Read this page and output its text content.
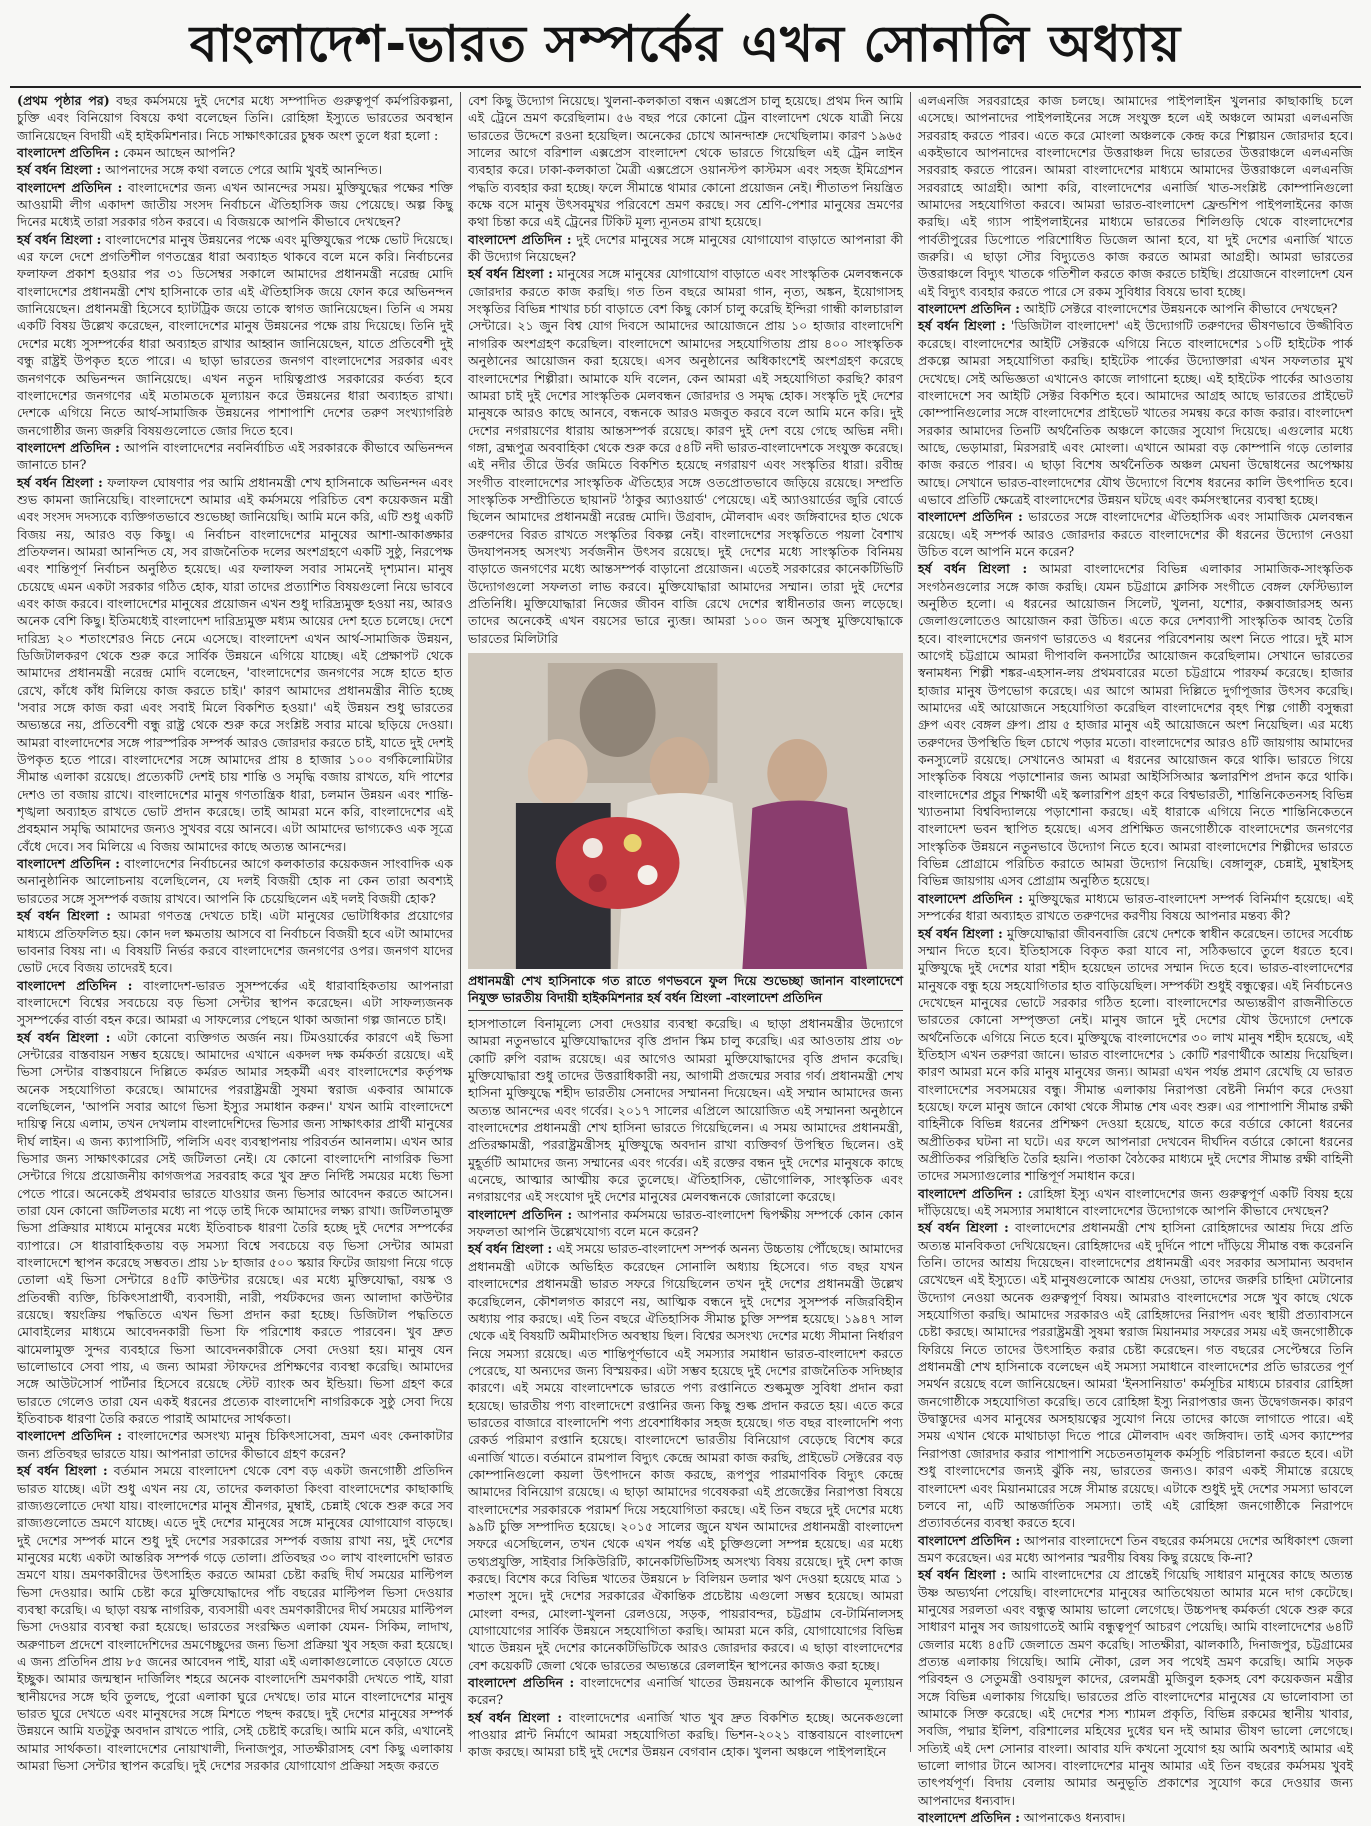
বাংলাদেশ-ভারত সম্পর্কের এখন সোনালি অধ্যায়

(প্রথম পৃষ্ঠার পর) বছর কর্মসময়ে দুই দেশের মধ্যে সম্পাদিত গুরুত্বপূর্ণ কর্মপরিকল্পনা, চুক্তি এবং বিনিয়োগ বিষয়ে কথা বলেছেন তিনি। রোহিঙ্গা ইস্যুতে ভারতের অবস্থান জানিয়েছেন বিদায়ী এই হাইকমিশনার। নিচে সাক্ষাৎকারের চুম্বক অংশ তুলে ধরা হলো :

বাংলাদেশ প্রতিদিন : কেমন আছেন আপনি?

হর্ষ বর্ধন শ্রিংলা : আপনাদের সঙ্গে কথা বলতে পেরে আমি খুবই আনন্দিত।

বাংলাদেশ প্রতিদিন : বাংলাদেশের জন্য এখন আনন্দের সময়। মুক্তিযুদ্ধের পক্ষের শক্তি আওয়ামী লীগ একাদশ জাতীয় সংসদ নির্বাচনে ঐতিহাসিক জয় পেয়েছে। অল্প কিছু দিনের মধ্যেই তারা সরকার গঠন করবে। এ বিজয়কে আপনি কীভাবে দেখছেন?

হর্ষ বর্ধন শ্রিংলা : বাংলাদেশের মানুষ উন্নয়নের পক্ষে এবং মুক্তিযুদ্ধের পক্ষে ভোট দিয়েছে। এর ফলে দেশে প্রগতিশীল গণতন্ত্রের ধারা অব্যাহত থাকবে বলে মনে করি। নির্বাচনের ফলাফল প্রকাশ হওয়ার পর ৩১ ডিসেম্বর সকালে আমাদের প্রধানমন্ত্রী নরেন্দ্র মোদি বাংলাদেশের প্রধানমন্ত্রী শেখ হাসিনাকে তার এই ঐতিহাসিক জয়ে ফোন করে অভিনন্দন জানিয়েছেন। প্রধানমন্ত্রী হিসেবে হ্যাটট্রিক জয়ে তাকে স্বাগত জানিয়েছেন। তিনি এ সময় একটি বিষয় উল্লেখ করেছেন, বাংলাদেশের মানুষ উন্নয়নের পক্ষে রায় দিয়েছে। তিনি দুই দেশের মধ্যে সুসম্পর্কের ধারা অব্যাহত রাখার আহ্বান জানিয়েছেন, যাতে প্রতিবেশী দুই বন্ধু রাষ্ট্রই উপকৃত হতে পারে। এ ছাড়া ভারতের জনগণ বাংলাদেশের সরকার এবং জনগণকে অভিনন্দন জানিয়েছে। এখন নতুন দায়িত্বপ্রাপ্ত সরকারের কর্তব্য হবে বাংলাদেশের জনগণের এই মতামতকে মূল্যায়ন করে উন্নয়নের ধারা অব্যাহত রাখা। দেশকে এগিয়ে নিতে আর্থ-সামাজিক উন্নয়নের পাশাপাশি দেশের তরুণ সংখ্যাগরিষ্ঠ জনগোষ্ঠীর জন্য জরুরি বিষয়গুলোতে জোর দিতে হবে।

বাংলাদেশ প্রতিদিন : আপনি বাংলাদেশের নবনির্বাচিত এই সরকারকে কীভাবে অভিনন্দন জানাতে চান?

হর্ষ বর্ধন শ্রিংলা : ফলাফল ঘোষণার পর আমি প্রধানমন্ত্রী শেখ হাসিনাকে অভিনন্দন এবং শুভ কামনা জানিয়েছি। বাংলাদেশে আমার এই কর্মসময়ে পরিচিত বেশ কয়েকজন মন্ত্রী এবং সংসদ সদস্যকে ব্যক্তিগতভাবে শুভেচ্ছা জানিয়েছি। আমি মনে করি, এটি শুধু একটি বিজয় নয়, আরও বড় কিছু। এ নির্বাচন বাংলাদেশের মানুষের আশা-আকাঙ্ক্ষার প্রতিফলন। আমরা আনন্দিত যে, সব রাজনৈতিক দলের অংশগ্রহণে একটি সুষ্ঠু, নিরপেক্ষ এবং শান্তিপূর্ণ নির্বাচন অনুষ্ঠিত হয়েছে। এর ফলাফল সবার সামনেই দৃশ্যমান। মানুষ চেয়েছে এমন একটা সরকার গঠিত হোক, যারা তাদের প্রত্যাশিত বিষয়গুলো নিয়ে ভাববে এবং কাজ করবে। বাংলাদেশের মানুষের প্রয়োজন এখন শুধু দারিদ্র্যমুক্ত হওয়া নয়, আরও অনেক বেশি কিছু। ইতিমধ্যেই বাংলাদেশ দারিদ্র্যমুক্ত মধ্যম আয়ের দেশ হতে চলেছে। দেশে দারিদ্র্য ২০ শতাংশেরও নিচে নেমে এসেছে। বাংলাদেশ এখন আর্থ-সামাজিক উন্নয়ন, ডিজিটালকরণ থেকে শুরু করে সার্বিক উন্নয়নে এগিয়ে যাচ্ছে। এই প্রেক্ষাপট থেকে আমাদের প্রধানমন্ত্রী নরেন্দ্র মোদি বলেছেন, 'বাংলাদেশের জনগণের সঙ্গে হাতে হাত রেখে, কাঁধে কাঁধ মিলিয়ে কাজ করতে চাই।' কারণ আমাদের প্রধানমন্ত্রীর নীতি হচ্ছে 'সবার সঙ্গে কাজ করা এবং সবাই মিলে বিকশিত হওয়া।' এই উন্নয়ন শুধু ভারতের অভ্যন্তরে নয়, প্রতিবেশী বন্ধু রাষ্ট্র থেকে শুরু করে সংশ্লিষ্ট সবার মাঝে ছড়িয়ে দেওয়া। আমরা বাংলাদেশের সঙ্গে পারস্পরিক সম্পর্ক আরও জোরদার করতে চাই, যাতে দুই দেশই উপকৃত হতে পারে। বাংলাদেশের সঙ্গে আমাদের প্রায় ৪ হাজার ১০০ বর্গকিলোমিটার সীমান্ত এলাকা রয়েছে। প্রত্যেকটি দেশই চায় শান্তি ও সমৃদ্ধি বজায় রাখতে, যদি পাশের দেশও তা বজায় রাখে। বাংলাদেশের মানুষ গণতান্ত্রিক ধারা, চলমান উন্নয়ন এবং শান্তি-শৃঙ্খলা অব্যাহত রাখতে ভোট প্রদান করেছে। তাই আমরা মনে করি, বাংলাদেশের এই প্রবহমান সমৃদ্ধি আমাদের জন্যও সুখবর বয়ে আনবে। এটা আমাদের ভাগ্যকেও এক সূত্রে বেঁধে দেবে। সব মিলিয়ে এ বিজয় আমাদের কাছে অত্যন্ত আনন্দের।

বাংলাদেশ প্রতিদিন : বাংলাদেশের নির্বাচনের আগে কলকাতার কয়েকজন সাংবাদিক এক অনানুষ্ঠানিক আলোচনায় বলেছিলেন, যে দলই বিজয়ী হোক না কেন তারা অবশ্যই ভারতের সঙ্গে সুসম্পর্ক বজায় রাখবে। আপনি কি চেয়েছিলেন এই দলই বিজয়ী হোক?

হর্ষ বর্ধন শ্রিংলা : আমরা গণতন্ত্র দেখতে চাই। এটা মানুষের ভোটাধিকার প্রয়োগের মাধ্যমে প্রতিফলিত হয়। কোন দল ক্ষমতায় আসবে বা নির্বাচনে বিজয়ী হবে এটা আমাদের ভাবনার বিষয় না। এ বিষয়টি নির্ভর করবে বাংলাদেশের জনগণের ওপর। জনগণ যাদের ভোট দেবে বিজয় তাদেরই হবে।

বাংলাদেশ প্রতিদিন : বাংলাদেশ-ভারত সুসম্পর্কের এই ধারাবাহিকতায় আপনারা বাংলাদেশে বিশ্বের সবচেয়ে বড় ভিসা সেন্টার স্থাপন করেছেন। এটা সাফল্যজনক সুসম্পর্কের বার্তা বহন করে। আমরা এ সাফল্যের পেছনে থাকা অজানা গল্প জানতে চাই।

হর্ষ বর্ধন শ্রিংলা : এটা কোনো ব্যক্তিগত অর্জন নয়। টিমওয়ার্কের কারণে এই ভিসা সেন্টারের বাস্তবায়ন সম্ভব হয়েছে। আমাদের এখানে একদল দক্ষ কর্মকর্তা রয়েছে। এই ভিসা সেন্টার বাস্তবায়নে দিল্লিতে কর্মরত আমার সহকর্মী এবং বাংলাদেশের কর্তৃপক্ষ অনেক সহযোগিতা করেছে। আমাদের পররাষ্ট্রমন্ত্রী সুষমা স্বরাজ একবার আমাকে বলেছিলেন, 'আপনি সবার আগে ভিসা ইস্যুর সমাধান করুন।' যখন আমি বাংলাদেশে দায়িত্ব নিয়ে এলাম, তখন দেখলাম বাংলাদেশিদের ভিসার জন্য সাক্ষাৎকার প্রার্থী মানুষের দীর্ঘ লাইন। এ জন্য ক্যাপাসিটি, পলিসি এবং ব্যবস্থাপনায় পরিবর্তন আনলাম। এখন আর ভিসার জন্য সাক্ষাৎকারের সেই জটিলতা নেই। যে কোনো বাংলাদেশি নাগরিক ভিসা সেন্টারে গিয়ে প্রয়োজনীয় কাগজপত্র সরবরাহ করে খুব দ্রুত নির্দিষ্ট সময়ের মধ্যে ভিসা পেতে পারে। অনেকেই প্রথমবার ভারতে যাওয়ার জন্য ভিসার আবেদন করতে আসেন। তারা যেন কোনো জটিলতার মধ্যে না পড়ে তাই দিকে আমাদের লক্ষ্য রাখা। জটিলতামুক্ত ভিসা প্রক্রিয়ার মাধ্যমে মানুষের মধ্যে ইতিবাচক ধারণা তৈরি হচ্ছে দুই দেশের সম্পর্কের ব্যাপারে। সে ধারাবাহিকতায় বড় সমস্যা বিশ্বে সবচেয়ে বড় ভিসা সেন্টার আমরা বাংলাদেশে স্থাপন করেছে সম্ভবত। প্রায় ১৮ হাজার ৫০০ স্কয়ার ফিটের জায়গা নিয়ে গড়ে তোলা এই ভিসা সেন্টারে ৪৫টি কাউন্টার রয়েছে। এর মধ্যে মুক্তিযোদ্ধা, বয়স্ক ও প্রতিবন্ধী ব্যক্তি, চিকিৎসাপ্রার্থী, ব্যবসায়ী, নারী, পর্যটকদের জন্য আলাদা কাউন্টার রয়েছে। স্বয়ংক্রিয় পদ্ধতিতে এখন ভিসা প্রদান করা হচ্ছে। ডিজিটাল পদ্ধতিতে মোবাইলের মাধ্যমে আবেদনকারী ভিসা ফি পরিশোধ করতে পারবেন। খুব দ্রুত ঝামেলামুক্ত সুন্দর ব্যবহারে ভিসা আবেদনকারীকে সেবা দেওয়া হয়। মানুষ যেন ভালোভাবে সেবা পায়, এ জন্য আমরা স্টাফদের প্রশিক্ষণের ব্যবস্থা করেছি। আমাদের সঙ্গে আউটসোর্স পার্টনার হিসেবে রয়েছে স্টেট ব্যাংক অব ইন্ডিয়া। ভিসা গ্রহণ করে ভারতে গেলেও তারা যেন একই ধরনের প্রত্যেক বাংলাদেশি নাগরিককে সুষ্ঠু সেবা দিয়ে ইতিবাচক ধারণা তৈরি করতে পারাই আমাদের সার্থকতা।

বাংলাদেশ প্রতিদিন : বাংলাদেশের অসংখ্য মানুষ চিকিৎসাসেবা, ভ্রমণ এবং কেনাকাটার জন্য প্রতিবছর ভারতে যায়। আপনারা তাদের কীভাবে গ্রহণ করেন?

হর্ষ বর্ধন শ্রিংলা : বর্তমান সময়ে বাংলাদেশ থেকে বেশ বড় একটা জনগোষ্ঠী প্রতিদিন ভারত যাচ্ছে। এটা শুধু এখন নয় যে, তাদের কলকাতা কিংবা বাংলাদেশের কাছাকাছি রাজ্যগুলোতে দেখা যায়। বাংলাদেশের মানুষ শ্রীনগর, মুম্বাই, চেন্নাই থেকে শুরু করে সব রাজ্যগুলোতে ভ্রমণে যাচ্ছে। এতে দুই দেশের মানুষের সঙ্গে মানুষের যোগাযোগ বাড়ছে। দুই দেশের সম্পর্ক মানে শুধু দুই দেশের সরকারের সম্পর্ক বজায় রাখা নয়, দুই দেশের মানুষের মধ্যে একটা আন্তরিক সম্পর্ক গড়ে তোলা। প্রতিবছর ৩০ লাখ বাংলাদেশি ভারত ভ্রমণে যায়। ভ্রমণকারীদের উৎসাহিত করতে আমরা চেষ্টা করছি দীর্ঘ সময়ের মাল্টিপল ভিসা দেওয়ার। আমি চেষ্টা করে মুক্তিযোদ্ধাদের পাঁচ বছরের মাল্টিপল ভিসা দেওয়ার ব্যবস্থা করেছি। এ ছাড়া বয়স্ক নাগরিক, ব্যবসায়ী এবং ভ্রমণকারীদের দীর্ঘ সময়ের মাল্টিপল ভিসা দেওয়ার ব্যবস্থা করা হয়েছে। ভারতের সংরক্ষিত এলাকা যেমন- সিকিম, লাদাখ, অরুণাচল প্রদেশে বাংলাদেশিদের ভ্রমণেচ্ছুদের জন্য ভিসা প্রক্রিয়া খুব সহজ করা হয়েছে। এ জন্য প্রতিদিন প্রায় ৮৫ জনের আবেদন পাই, যারা এই এলাকাগুলোতে বেড়াতে যেতে ইচ্ছুক। আমার জন্মস্থান দার্জিলিং শহরে অনেক বাংলাদেশি ভ্রমণকারী দেখতে পাই, যারা স্থানীয়দের সঙ্গে ছবি তুলছে, পুরো এলাকা ঘুরে দেখছে। তার মানে বাংলাদেশের মানুষ ভারত ঘুরে দেখতে এবং মানুষদের সঙ্গে মিশতে পছন্দ করছে। দুই দেশের মানুষের সম্পর্ক উন্নয়নে আমি যতটুকু অবদান রাখতে পারি, সেই চেষ্টাই করেছি। আমি মনে করি, এখানেই আমার সার্থকতা। বাংলাদেশের নোয়াখালী, দিনাজপুর, সাতক্ষীরাসহ বেশ কিছু এলাকায় আমরা ভিসা সেন্টার স্থাপন করেছি। দুই দেশের সরকার যোগাযোগ প্রক্রিয়া সহজ করতে

বেশ কিছু উদ্যোগ নিয়েছে। খুলনা-কলকাতা বন্ধন এক্সপ্রেস চালু হয়েছে। প্রথম দিন আমি এই ট্রেনে ভ্রমণ করেছিলাম। ৫৬ বছর পরে কোনো ট্রেন বাংলাদেশ থেকে যাত্রী নিয়ে ভারতের উদ্দেশে রওনা হয়েছিল। অনেকের চোখে আনন্দাশ্রু দেখেছিলাম। কারণ ১৯৬৫ সালের আগে বরিশাল এক্সপ্রেস বাংলাদেশ থেকে ভারতে গিয়েছিল এই ট্রেন লাইন ব্যবহার করে। ঢাকা-কলকাতা মৈত্রী এক্সপ্রেসে ওয়ানস্টপ কাস্টমস এবং সহজ ইমিগ্রেশন পদ্ধতি ব্যবহার করা হচ্ছে। ফলে সীমান্তে থামার কোনো প্রয়োজন নেই। শীতাতপ নিয়ন্ত্রিত কক্ষে বসে মানুষ উৎসবমুখর পরিবেশে ভ্রমণ করছে। সব শ্রেণি-পেশার মানুষের ভ্রমণের কথা চিন্তা করে এই ট্রেনের টিকিট মূল্য ন্যূনতম রাখা হয়েছে।

বাংলাদেশ প্রতিদিন : দুই দেশের মানুষের সঙ্গে মানুষের যোগাযোগ বাড়াতে আপনারা কী কী উদ্যোগ নিয়েছেন?

হর্ষ বর্ধন শ্রিংলা : মানুষের সঙ্গে মানুষের যোগাযোগ বাড়াতে এবং সাংস্কৃতিক মেলবন্ধনকে জোরদার করতে কাজ করছি। গত তিন বছরে আমরা গান, নৃত্য, অঙ্কন, ইয়োগাসহ সংস্কৃতির বিভিন্ন শাখার চর্চা বাড়াতে বেশ কিছু কোর্স চালু করেছি ইন্দিরা গান্ধী কালচারাল সেন্টারে। ২১ জুন বিশ্ব যোগ দিবসে আমাদের আয়োজনে প্রায় ১০ হাজার বাংলাদেশি নাগরিক অংশগ্রহণ করেছিল। বাংলাদেশে আমাদের সহযোগিতায় প্রায় ৪০০ সাংস্কৃতিক অনুষ্ঠানের আয়োজন করা হয়েছে। এসব অনুষ্ঠানের অধিকাংশেই অংশগ্রহণ করেছে বাংলাদেশের শিল্পীরা। আমাকে যদি বলেন, কেন আমরা এই সহযোগিতা করছি? কারণ আমরা চাই দুই দেশের সাংস্কৃতিক মেলবন্ধন জোরদার ও সমৃদ্ধ হোক। সংস্কৃতি দুই দেশের মানুষকে আরও কাছে আনবে, বন্ধনকে আরও মজবুত করবে বলে আমি মনে করি। দুই দেশের নগরায়ণের ধারায় আন্তসম্পর্ক রয়েছে। কারণ দুই দেশ বয়ে গেছে অভিন্ন নদী। গঙ্গা, ব্রহ্মপুত্র অববাহিকা থেকে শুরু করে ৫৪টি নদী ভারত-বাংলাদেশকে সংযুক্ত করেছে। এই নদীর তীরে উর্বর জমিতে বিকশিত হয়েছে নগরায়ণ এবং সংস্কৃতির ধারা। রবীন্দ্র সংগীত বাংলাদেশের সাংস্কৃতিক ঐতিহ্যের সঙ্গে ওতপ্রোতভাবে জড়িয়ে রয়েছে। সম্প্রতি সাংস্কৃতিক সম্প্রীতিতে ছায়ানট 'ঠাকুর অ্যাওয়ার্ড' পেয়েছে। এই অ্যাওয়ার্ডের জুরি বোর্ডে ছিলেন আমাদের প্রধানমন্ত্রী নরেন্দ্র মোদি। উগ্রবাদ, মৌলবাদ এবং জঙ্গিবাদের হাত থেকে তরুণদের বিরত রাখতে সংস্কৃতির বিকল্প নেই। বাংলাদেশের সংস্কৃতিতে পয়লা বৈশাখ উদযাপনসহ অসংখ্য সর্বজনীন উৎসব রয়েছে। দুই দেশের মধ্যে সাংস্কৃতিক বিনিময় বাড়াতে জনগণের মধ্যে আন্তসম্পর্ক বাড়ানো প্রয়োজন। এতেই সরকারের কানেকটিভিটি উদ্যোগগুলো সফলতা লাভ করবে। মুক্তিযোদ্ধারা আমাদের সম্মান। তারা দুই দেশের প্রতিনিধি। মুক্তিযোদ্ধারা নিজের জীবন বাজি রেখে দেশের স্বাধীনতার জন্য লড়েছে। তাদের অনেকেই এখন বয়সের ভারে ন্যুব্জ। আমরা ১০০ জন অসুস্থ মুক্তিযোদ্ধাকে ভারতের মিলিটারি

প্রধানমন্ত্রী শেখ হাসিনাকে গত রাতে গণভবনে ফুল দিয়ে শুভেচ্ছা জানান বাংলাদেশে নিযুক্ত ভারতীয় বিদায়ী হাইকমিশনার হর্ষ বর্ধন শ্রিংলা -বাংলাদেশ প্রতিদিন

হাসপাতালে বিনামূল্যে সেবা দেওয়ার ব্যবস্থা করেছি। এ ছাড়া প্রধানমন্ত্রীর উদ্যোগে আমরা নতুনভাবে মুক্তিযোদ্ধাদের বৃত্তি প্রদান স্কিম চালু করেছি। এর আওতায় প্রায় ৩৮ কোটি রুপি বরাদ্দ রয়েছে। এর আগেও আমরা মুক্তিযোদ্ধাদের বৃত্তি প্রদান করেছি। মুক্তিযোদ্ধারা শুধু তাদের উত্তরাধিকারী নয়, আগামী প্রজন্মের সবার গর্ব। প্রধানমন্ত্রী শেখ হাসিনা মুক্তিযুদ্ধে শহীদ ভারতীয় সেনাদের সম্মাননা দিয়েছেন। এই সম্মান আমাদের জন্য অত্যন্ত আনন্দের এবং গর্বের। ২০১৭ সালের এপ্রিলে আয়োজিত এই সম্মাননা অনুষ্ঠানে বাংলাদেশের প্রধানমন্ত্রী শেখ হাসিনা ভারতে গিয়েছিলেন। এ সময় আমাদের প্রধানমন্ত্রী, প্রতিরক্ষামন্ত্রী, পররাষ্ট্রমন্ত্রীসহ মুক্তিযুদ্ধে অবদান রাখা ব্যক্তিবর্গ উপস্থিত ছিলেন। ওই মুহূর্তটি আমাদের জন্য সম্মানের এবং গর্বের। এই রক্তের বন্ধন দুই দেশের মানুষকে কাছে এনেছে, আত্মার আত্মীয় করে তুলেছে। ঐতিহাসিক, ভৌগোলিক, সাংস্কৃতিক এবং নগরায়ণের এই সংযোগ দুই দেশের মানুষের মেলবন্ধনকে জোরালো করেছে।

বাংলাদেশ প্রতিদিন : আপনার কর্মসময়ে ভারত-বাংলাদেশ দ্বিপক্ষীয় সম্পর্কে কোন কোন সফলতা আপনি উল্লেখযোগ্য বলে মনে করেন?

হর্ষ বর্ধন শ্রিংলা : এই সময়ে ভারত-বাংলাদেশ সম্পর্ক অনন্য উচ্চতায় পৌঁছেছে। আমাদের প্রধানমন্ত্রী এটাকে অভিহিত করেছেন সোনালি অধ্যায় হিসেবে। গত বছর যখন বাংলাদেশের প্রধানমন্ত্রী ভারত সফরে গিয়েছিলেন তখন দুই দেশের প্রধানমন্ত্রী উল্লেখ করেছিলেন, কৌশলগত কারণে নয়, আত্মিক বন্ধনে দুই দেশের সুসম্পর্ক নজিরবিহীন অধ্যায় পার করছে। এই তিন বছরে ঐতিহাসিক সীমান্ত চুক্তি সম্পন্ন হয়েছে। ১৯৪৭ সাল থেকে এই বিষয়টি অমীমাংসিত অবস্থায় ছিল। বিশ্বের অসংখ্য দেশের মধ্যে সীমানা নির্ধারণ নিয়ে সমস্যা রয়েছে। এত শান্তিপূর্ণভাবে এই সমস্যার সমাধান ভারত-বাংলাদেশ করতে পেরেছে, যা অন্যদের জন্য বিস্ময়কর। এটা সম্ভব হয়েছে দুই দেশের রাজনৈতিক সদিচ্ছার কারণে। এই সময়ে বাংলাদেশকে ভারতে পণ্য রপ্তানিতে শুল্কমুক্ত সুবিধা প্রদান করা হয়েছে। ভারতীয় পণ্য বাংলাদেশে রপ্তানির জন্য কিছু শুল্ক প্রদান করতে হয়। এতে করে ভারতের বাজারে বাংলাদেশি পণ্য প্রবেশাধিকার সহজ হয়েছে। গত বছর বাংলাদেশি পণ্য রেকর্ড পরিমাণ রপ্তানি হয়েছে। বাংলাদেশে ভারতীয় বিনিয়োগ বেড়েছে বিশেষ করে এনার্জি খাতে। বর্তমানে রামপাল বিদ্যুৎ কেন্দ্রে আমরা কাজ করছি, প্রাইভেট সেক্টরের বড় কোম্পানিগুলো কয়লা উৎপাদনে কাজ করছে, রূপপুর পারমাণবিক বিদ্যুৎ কেন্দ্রে আমাদের বিনিয়োগ রয়েছে। এ ছাড়া আমাদের গবেষকরা এই প্রজেক্টের নিরাপত্তা বিষয়ে বাংলাদেশের সরকারকে পরামর্শ দিয়ে সহযোগিতা করছে। এই তিন বছরে দুই দেশের মধ্যে ৯৯টি চুক্তি সম্পাদিত হয়েছে। ২০১৫ সালের জুনে যখন আমাদের প্রধানমন্ত্রী বাংলাদেশ সফরে এসেছিলেন, তখন থেকে এখন পর্যন্ত এই চুক্তিগুলো সম্পন্ন হয়েছে। এর মধ্যে তথ্যপ্রযুক্তি, সাইবার সিকিউরিটি, কানেকটিভিটিসহ অসংখ্য বিষয় রয়েছে। দুই দেশ কাজ করছে। বিশেষ করে বিভিন্ন খাতের উন্নয়নে ৮ বিলিয়ন ডলার ঋণ দেওয়া হয়েছে মাত্র ১ শতাংশ সুদে। দুই দেশের সরকারের ঐকান্তিক প্রচেষ্টায় এগুলো সম্ভব হয়েছে। আমরা মোংলা বন্দর, মোংলা-খুলনা রেলওয়ে, সড়ক, পায়রাবন্দর, চট্টগ্রাম বে-টার্মিনালসহ যোগাযোগের সার্বিক উন্নয়নে সহযোগিতা করছি। আমরা মনে করি, যোগাযোগের বিভিন্ন খাতে উন্নয়ন দুই দেশের কানেকটিভিটিকে আরও জোরদার করবে। এ ছাড়া বাংলাদেশের বেশ কয়েকটি জেলা থেকে ভারতের অভ্যন্তরে রেললাইন স্থাপনের কাজও করা হচ্ছে।

বাংলাদেশ প্রতিদিন : বাংলাদেশের এনার্জি খাতের উন্নয়নকে আপনি কীভাবে মূল্যায়ন করেন?

হর্ষ বর্ধন শ্রিংলা : বাংলাদেশের এনার্জি খাত খুব দ্রুত বিকশিত হচ্ছে। অনেকগুলো পাওয়ার প্লান্ট নির্মাণে আমরা সহযোগিতা করছি। ভিশন-২০২১ বাস্তবায়নে বাংলাদেশ কাজ করছে। আমরা চাই দুই দেশের উন্নয়ন বেগবান হোক। খুলনা অঞ্চলে পাইপলাইনে

এলএনজি সরবরাহের কাজ চলছে। আমাদের পাইপলাইন খুলনার কাছাকাছি চলে এসেছে। আপনাদের পাইপলাইনের সঙ্গে সংযুক্ত হলে এই অঞ্চলে আমরা এলএনজি সরবরাহ করতে পারব। এতে করে মোংলা অঞ্চলকে কেন্দ্র করে শিল্পায়ন জোরদার হবে। একইভাবে আপনাদের বাংলাদেশের উত্তরাঞ্চল দিয়ে ভারতের উত্তরাঞ্চলে এলএনজি সরবরাহ করতে পারেন। আমরা বাংলাদেশের মাধ্যমে আমাদের উত্তরাঞ্চলে এলএনজি সরবরাহে আগ্রহী। আশা করি, বাংলাদেশের এনার্জি খাত-সংশ্লিষ্ট কোম্পানিগুলো আমাদের সহযোগিতা করবে। আমরা ভারত-বাংলাদেশ ফ্রেন্ডশিপ পাইপলাইনের কাজ করছি। এই গ্যাস পাইপলাইনের মাধ্যমে ভারতের শিলিগুড়ি থেকে বাংলাদেশের পার্বতীপুরের ডিপোতে পরিশোধিত ডিজেল আনা হবে, যা দুই দেশের এনার্জি খাতে জরুরি। এ ছাড়া সৌর বিদ্যুতেও কাজ করতে আমরা আগ্রহী। আমরা ভারতের উত্তরাঞ্চলে বিদ্যুৎ খাতকে গতিশীল করতে কাজ করতে চাইছি। প্রয়োজনে বাংলাদেশ যেন এই বিদ্যুৎ ব্যবহার করতে পারে সে রকম সুবিধার বিষয়ে ভাবা হচ্ছে।

বাংলাদেশ প্রতিদিন : আইটি সেক্টরে বাংলাদেশের উন্নয়নকে আপনি কীভাবে দেখছেন?

হর্ষ বর্ধন শ্রিংলা : 'ডিজিটাল বাংলাদেশ' এই উদ্যোগটি তরুণদের ভীষণভাবে উজ্জীবিত করেছে। বাংলাদেশের আইটি সেক্টরকে এগিয়ে নিতে বাংলাদেশের ১০টি হাইটেক পার্ক প্রকল্পে আমরা সহযোগিতা করছি। হাইটেক পার্কের উদ্যোক্তারা এখন সফলতার মুখ দেখেছে। সেই অভিজ্ঞতা এখানেও কাজে লাগানো হচ্ছে। এই হাইটেক পার্কের আওতায় বাংলাদেশে সব আইটি সেক্টর বিকশিত হবে। আমাদের আগ্রহ আছে ভারতের প্রাইভেট কোম্পানিগুলোর সঙ্গে বাংলাদেশের প্রাইভেট খাতের সমন্বয় করে কাজ করার। বাংলাদেশ সরকার আমাদের তিনটি অর্থনৈতিক অঞ্চলে কাজের সুযোগ দিয়েছে। এগুলোর মধ্যে আছে, ভেড়ামারা, মিরসরাই এবং মোংলা। এখানে আমরা বড় কোম্পানি গড়ে তোলার কাজ করতে পারব। এ ছাড়া বিশেষ অর্থনৈতিক অঞ্চল মেঘনা উদ্বোধনের অপেক্ষায় আছে। সেখানে ভারত-বাংলাদেশের যৌথ উদ্যোগে বিশেষ ধরনের কালি উৎপাদিত হবে। এভাবে প্রতিটি ক্ষেত্রেই বাংলাদেশের উন্নয়ন ঘটছে এবং কর্মসংস্থানের ব্যবস্থা হচ্ছে।

বাংলাদেশ প্রতিদিন : ভারতের সঙ্গে বাংলাদেশের ঐতিহাসিক এবং সামাজিক মেলবন্ধন রয়েছে। এই সম্পর্ক আরও জোরদার করতে বাংলাদেশের কী ধরনের উদ্যোগ নেওয়া উচিত বলে আপনি মনে করেন?

হর্ষ বর্ধন শ্রিংলা : আমরা বাংলাদেশের বিভিন্ন এলাকার সামাজিক-সাংস্কৃতিক সংগঠনগুলোর সঙ্গে কাজ করছি। যেমন চট্টগ্রামে ক্লাসিক সংগীতে বেঙ্গল ফেস্টিভ্যাল অনুষ্ঠিত হলো। এ ধরনের আয়োজন সিলেট, খুলনা, যশোর, কক্সবাজারসহ অন্য জেলাগুলোতেও আয়োজন করা উচিত। এতে করে দেশব্যাপী সাংস্কৃতিক আবহ তৈরি হবে। বাংলাদেশের জনগণ ভারতেও এ ধরনের পরিবেশনায় অংশ নিতে পারে। দুই মাস আগেই চট্টগ্রামে আমরা দীপাবলি কনসার্টের আয়োজন করেছিলাম। সেখানে ভারতের স্বনামধন্য শিল্পী শঙ্কর-এহসান-লয় প্রথমবারের মতো চট্টগ্রামে পারফর্ম করেছে। হাজার হাজার মানুষ উপভোগ করেছে। এর আগে আমরা দিল্লিতে দুর্গাপূজার উৎসব করেছি। আমাদের এই আয়োজনে সহযোগিতা করেছিল বাংলাদেশের বৃহৎ শিল্প গোষ্ঠী বসুন্ধরা গ্রুপ এবং বেঙ্গল গ্রুপ। প্রায় ৫ হাজার মানুষ এই আয়োজনে অংশ নিয়েছিল। এর মধ্যে তরুণদের উপস্থিতি ছিল চোখে পড়ার মতো। বাংলাদেশের আরও ৪টি জায়গায় আমাদের কনস্যুলেট রয়েছে। সেখানেও আমরা এ ধরনের আয়োজন করে থাকি। ভারতে গিয়ে সাংস্কৃতিক বিষয়ে পড়াশোনার জন্য আমরা আইসিসিআর স্কলারশিপ প্রদান করে থাকি। বাংলাদেশের প্রচুর শিক্ষার্থী এই স্কলারশিপ গ্রহণ করে বিশ্বভারতী, শান্তিনিকেতনসহ বিভিন্ন খ্যাতনামা বিশ্ববিদ্যালয়ে পড়াশোনা করছে। এই ধারাকে এগিয়ে নিতে শান্তিনিকেতনে বাংলাদেশ ভবন স্থাপিত হয়েছে। এসব প্রশিক্ষিত জনগোষ্ঠীকে বাংলাদেশের জনগণের সাংস্কৃতিক উন্নয়নে নতুনভাবে উদ্যোগ নিতে হবে। আমরা বাংলাদেশের শিল্পীদের ভারতে বিভিন্ন প্রোগ্রামে পরিচিত করাতে আমরা উদ্যোগ নিয়েছি। বেঙ্গালুরু, চেন্নাই, মুম্বাইসহ বিভিন্ন জায়গায় এসব প্রোগ্রাম অনুষ্ঠিত হয়েছে।

বাংলাদেশ প্রতিদিন : মুক্তিযুদ্ধের মাধ্যমে ভারত-বাংলাদেশ সম্পর্ক বিনির্মাণ হয়েছে। এই সম্পর্কের ধারা অব্যাহত রাখতে তরুণদের করণীয় বিষয়ে আপনার মন্তব্য কী?

হর্ষ বর্ধন শ্রিংলা : মুক্তিযোদ্ধারা জীবনবাজি রেখে দেশকে স্বাধীন করেছেন। তাদের সর্বোচ্চ সম্মান দিতে হবে। ইতিহাসকে বিকৃত করা যাবে না, সঠিকভাবে তুলে ধরতে হবে। মুক্তিযুদ্ধে দুই দেশের যারা শহীদ হয়েছেন তাদের সম্মান দিতে হবে। ভারত-বাংলাদেশের মানুষকে বন্ধু হয়ে সহযোগিতার হাত বাড়িয়েছিল। সম্পর্কটা শুধুই বন্ধুত্বের। এই নির্বাচনেও দেখেছেন মানুষের ভোটে সরকার গঠিত হলো। বাংলাদেশের অভ্যন্তরীণ রাজনীতিতে ভারতের কোনো সম্পৃক্ততা নেই। মানুষ জানে দুই দেশের যৌথ উদ্যোগে দেশকে অর্থনৈতিকে এগিয়ে নিতে হবে। মুক্তিযুদ্ধে বাংলাদেশের ৩০ লাখ মানুষ শহীদ হয়েছে, এই ইতিহাস এখন তরুণরা জানে। ভারত বাংলাদেশের ১ কোটি শরণার্থীকে আশ্রয় দিয়েছিল। কারণ আমরা মনে করি মানুষ মানুষের জন্য। আমরা এখন পর্যন্ত প্রমাণ রেখেছি যে ভারত বাংলাদেশের সবসময়ের বন্ধু। সীমান্ত এলাকায় নিরাপত্তা বেষ্টনী নির্মাণ করে দেওয়া হয়েছে। ফলে মানুষ জানে কোথা থেকে সীমান্ত শেষ এবং শুরু। এর পাশাপাশি সীমান্ত রক্ষী বাহিনীকে বিভিন্ন ধরনের প্রশিক্ষণ দেওয়া হয়েছে, যাতে করে বর্ডারে কোনো ধরনের অপ্রীতিকর ঘটনা না ঘটে। এর ফলে আপনারা দেখবেন দীর্ঘদিন বর্ডারে কোনো ধরনের অপ্রীতিকর পরিস্থিতি তৈরি হয়নি। পতাকা বৈঠকের মাধ্যমে দুই দেশের সীমান্ত রক্ষী বাহিনী তাদের সমস্যাগুলোর শান্তিপূর্ণ সমাধান করে।

বাংলাদেশ প্রতিদিন : রোহিঙ্গা ইস্যু এখন বাংলাদেশের জন্য গুরুত্বপূর্ণ একটি বিষয় হয়ে দাঁড়িয়েছে। এই সমস্যার সমাধানে বাংলাদেশের উদ্যোগকে আপনি কীভাবে দেখছেন?

হর্ষ বর্ধন শ্রিংলা : বাংলাদেশের প্রধানমন্ত্রী শেখ হাসিনা রোহিঙ্গাদের আশ্রয় দিয়ে প্রতি অত্যন্ত মানবিকতা দেখিয়েছেন। রোহিঙ্গাদের এই দুর্দিনে পাশে দাঁড়িয়ে সীমান্ত বন্ধ করেননি তিনি। তাদের আশ্রয় দিয়েছেন। বাংলাদেশের প্রধানমন্ত্রী এবং সরকার অসামান্য অবদান রেখেছেন এই ইস্যুতে। এই মানুষগুলোকে আশ্রয় দেওয়া, তাদের জরুরি চাহিদা মেটানোর উদ্যোগ নেওয়া অনেক গুরুত্বপূর্ণ বিষয়। আমরাও বাংলাদেশের সঙ্গে খুব কাছে থেকে সহযোগিতা করছি। আমাদের সরকারও এই রোহিঙ্গাদের নিরাপদ এবং স্থায়ী প্রত্যাবাসনে চেষ্টা করছে। আমাদের পররাষ্ট্রমন্ত্রী সুষমা স্বরাজ মিয়ানমার সফরের সময় এই জনগোষ্ঠীকে ফিরিয়ে নিতে তাদের উৎসাহিত করার চেষ্টা করেছেন। গত বছরের সেপ্টেম্বরে তিনি প্রধানমন্ত্রী শেখ হাসিনাকে বলেছেন এই সমস্যা সমাধানে বাংলাদেশের প্রতি ভারতের পূর্ণ সমর্থন রয়েছে বলে জানিয়েছেন। আমরা 'ইনসানিয়াত' কর্মসূচির মাধ্যমে চারবার রোহিঙ্গা জনগোষ্ঠীকে সহযোগিতা করেছি। তবে রোহিঙ্গা ইস্যু নিরাপত্তার জন্য উদ্বেগজনক। কারণ উদ্বাস্তুদের এসব মানুষের অসহায়ত্বের সুযোগ নিয়ে তাদের কাজে লাগাতে পারে। এই সময় এখান থেকে মাথাচাড়া দিতে পারে মৌলবাদ এবং জঙ্গিবাদ। তাই এসব ক্যাম্পের নিরাপত্তা জোরদার করার পাশাপাশি সচেতনতামূলক কর্মসূচি পরিচালনা করতে হবে। এটা শুধু বাংলাদেশের জন্যই ঝুঁকি নয়, ভারতের জন্যও। কারণ একই সীমান্তে রয়েছে বাংলাদেশ এবং মিয়ানমারের সঙ্গে সীমান্ত রয়েছে। এটাকে শুধুই দুই দেশের সমস্যা ভাবলে চলবে না, এটি আন্তর্জাতিক সমস্যা। তাই এই রোহিঙ্গা জনগোষ্ঠীকে নিরাপদে প্রত্যাবর্তনের ব্যবস্থা করতে হবে।

বাংলাদেশ প্রতিদিন : আপনার বাংলাদেশে তিন বছরের কর্মসময়ে দেশের অধিকাংশ জেলা ভ্রমণ করেছেন। এর মধ্যে আপনার স্মরণীয় বিষয় কিছু রয়েছে কি-না?

হর্ষ বর্ধন শ্রিংলা : আমি বাংলাদেশের যে প্রান্তেই গিয়েছি সাধারণ মানুষের কাছে অত্যন্ত উষ্ণ অভ্যর্থনা পেয়েছি। বাংলাদেশের মানুষের আতিথেয়তা আমার মনে দাগ কেটেছে। মানুষের সরলতা এবং বন্ধুত্ব আমায় ভালো লেগেছে। উচ্চপদস্থ কর্মকর্তা থেকে শুরু করে সাধারণ মানুষ সব জায়গাতেই আমি বন্ধুত্বপূর্ণ আচরণ পেয়েছি। আমি বাংলাদেশের ৬৪টি জেলার মধ্যে ৪৫টি জেলাতে ভ্রমণ করেছি। সাতক্ষীরা, ঝালকাঠি, দিনাজপুর, চট্টগ্রামের প্রত্যন্ত এলাকায় গিয়েছি। আমি নৌকা, রেল সব পথেই ভ্রমণ করেছি। আমি সড়ক পরিবহন ও সেতুমন্ত্রী ওবায়দুল কাদের, রেলমন্ত্রী মুজিবুল হকসহ বেশ কয়েকজন মন্ত্রীর সঙ্গে বিভিন্ন এলাকায় গিয়েছি। ভারতের প্রতি বাংলাদেশের মানুষের যে ভালোবাসা তা আমাকে সিক্ত করেছে। এই দেশের শস্য শ্যামল প্রকৃতি, বিভিন্ন রকমের স্থানীয় খাবার, সবজি, পদ্মার ইলিশ, বরিশালের মহিষের দুধের ঘন দই আমার ভীষণ ভালো লেগেছে। সত্যিই এই দেশ সোনার বাংলা। আবার যদি কখনো সুযোগ হয় আমি অবশ্যই আমার এই ভালো লাগার টানে আসব। বাংলাদেশের মানুষ আমার এই তিন বছরের কর্মসময় খুবই তাৎপর্যপূর্ণ। বিদায় বেলায় আমার অনুভূতি প্রকাশের সুযোগ করে দেওয়ার জন্য আপনাদের ধন্যবাদ।

বাংলাদেশ প্রতিদিন : আপনাকেও ধন্যবাদ।
